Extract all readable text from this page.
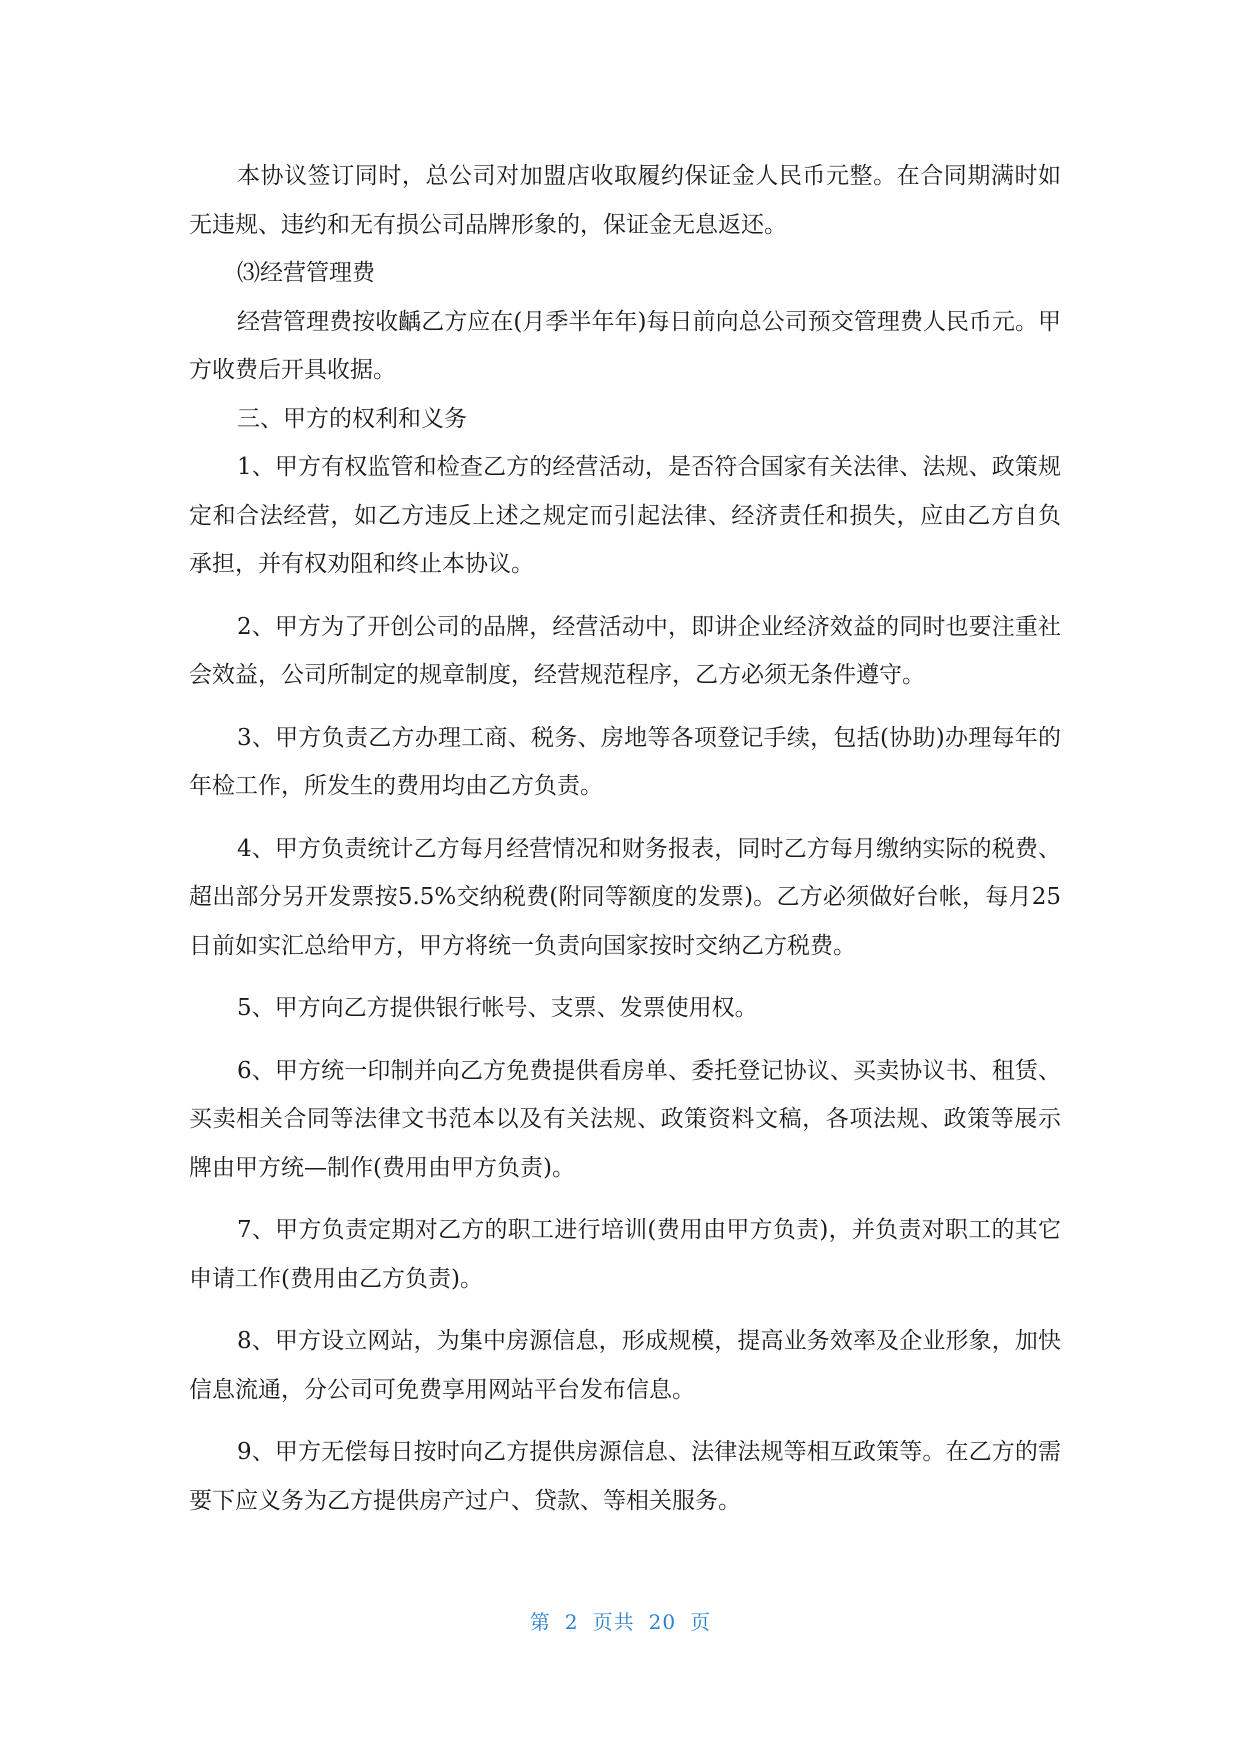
本协议签订同时，总公司对加盟店收取履约保证金人民币元整。在合同期满时如无违规、违约和无有损公司品牌形象的，保证金无息返还。

⑶经营管理费

经营管理费按收齲乙方应在(月季半年年)每日前向总公司预交管理费人民币元。甲方收费后开具收据。

三、甲方的权利和义务

1、甲方有权监管和检查乙方的经营活动，是否符合国家有关法律、法规、政策规定和合法经营，如乙方违反上述之规定而引起法律、经济责任和损失，应由乙方自负承担，并有权劝阻和终止本协议。

2、甲方为了开创公司的品牌，经营活动中，即讲企业经济效益的同时也要注重社会效益，公司所制定的规章制度，经营规范程序，乙方必须无条件遵守。

3、甲方负责乙方办理工商、税务、房地等各项登记手续，包括(协助)办理每年的年检工作，所发生的费用均由乙方负责。

4、甲方负责统计乙方每月经营情况和财务报表，同时乙方每月缴纳实际的税费、超出部分另开发票按5.5%交纳税费(附同等额度的发票)。乙方必须做好台帐，每月25日前如实汇总给甲方，甲方将统一负责向国家按时交纳乙方税费。

5、甲方向乙方提供银行帐号、支票、发票使用权。

6、甲方统一印制并向乙方免费提供看房单、委托登记协议、买卖协议书、租赁、买卖相关合同等法律文书范本以及有关法规、政策资料文稿，各项法规、政策等展示牌由甲方统—制作(费用由甲方负责)。

7、甲方负责定期对乙方的职工进行培训(费用由甲方负责)，并负责对职工的其它申请工作(费用由乙方负责)。

8、甲方设立网站，为集中房源信息，形成规模，提高业务效率及企业形象，加快信息流通，分公司可免费享用网站平台发布信息。

9、甲方无偿每日按时向乙方提供房源信息、法律法规等相互政策等。在乙方的需要下应义务为乙方提供房产过户、贷款、等相关服务。

第 2 页共 20 页
